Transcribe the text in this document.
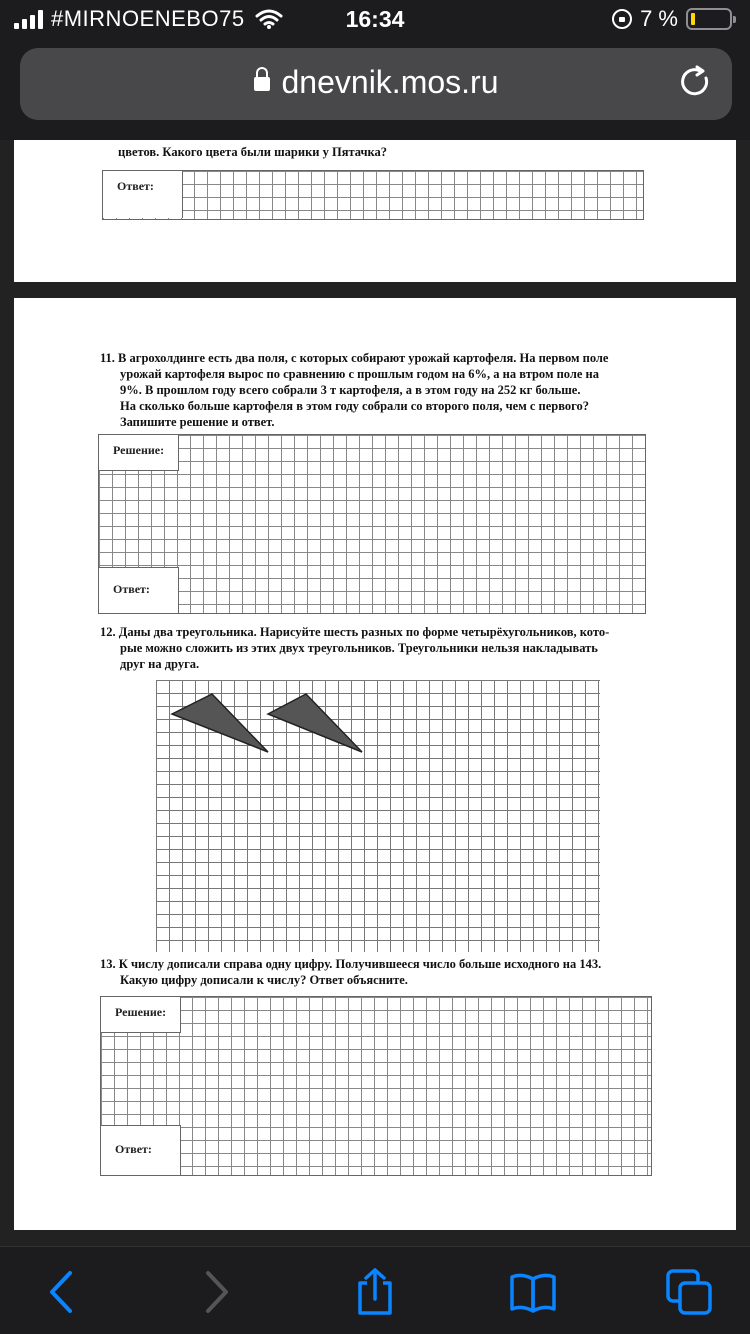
#MIRNOENEBO75	16:34	7 %
dnevnik.mos.ru
цветов. Какого цвета были шарики у Пятачка?
Ответ:
11. В агрохолдинге есть два поля, с которых собирают урожай картофеля. На первом поле
урожай картофеля вырос по сравнению с прошлым годом на 6%, а на втром поле на
9%. В прошлом году всего собрали 3 т картофеля, а в этом году на 252 кг больше.
На сколько больше картофеля в этом году собрали со второго поля, чем с первого?
Запишите решение и ответ.
Решение:
Ответ:
12. Даны два треугольника. Нарисуйте шесть разных по форме четырёхугольников, кото-
рые можно сложить из этих двух треугольников. Треугольники нельзя накладывать
друг на друга.
13. К числу дописали справа одну цифру. Получившееся число больше исходного на 143.
Какую цифру дописали к числу? Ответ объясните.
Решение:
Ответ:
